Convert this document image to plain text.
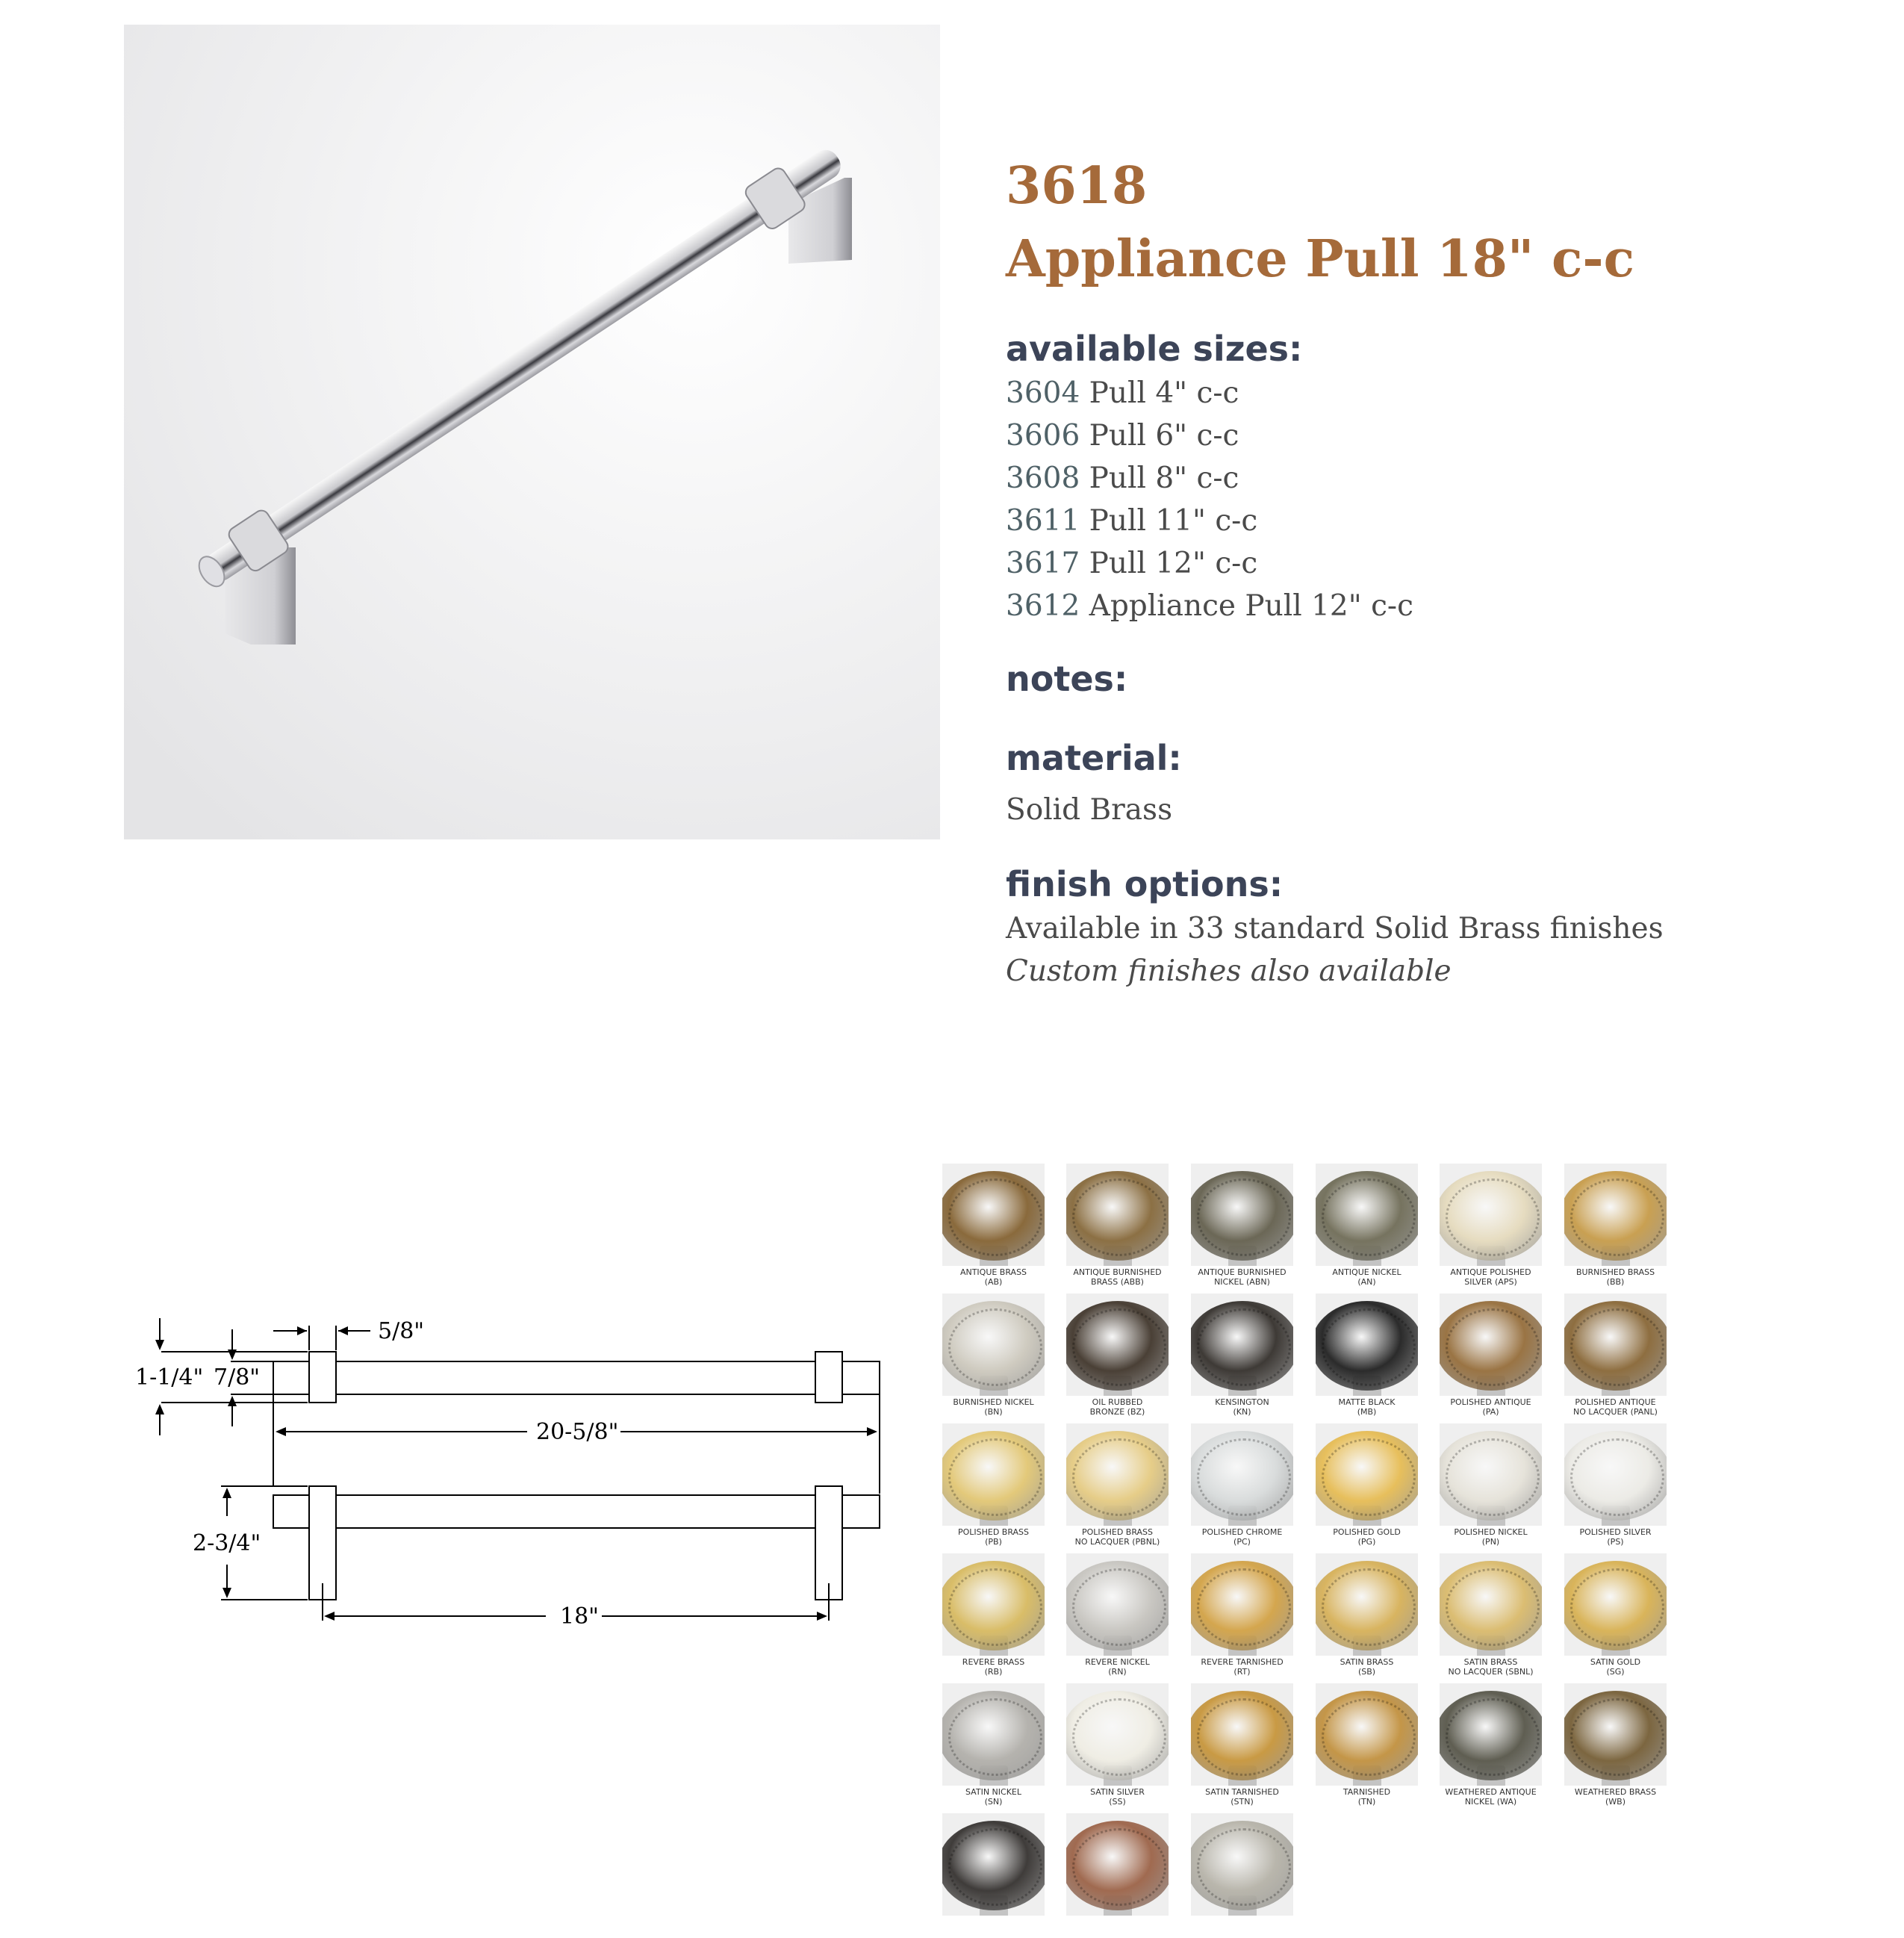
3618

Appliance Pull 18" c-c

available sizes:

3604 Pull 4" c-c
3606 Pull 6" c-c
3608 Pull 8" c-c
3611 Pull 11" c-c
3617 Pull 12" c-c
3612 Appliance Pull 12" c-c

notes:

material:

Solid Brass

finish options:

Available in 33 standard Solid Brass finishes
Custom finishes also available
5/8"
1-1/4" 7/8"
20-5/8"
2-3/4"
18"
ANTIQUE BRASS
(AB)
ANTIQUE BURNISHED
BRASS (ABB)
ANTIQUE BURNISHED
NICKEL (ABN)
ANTIQUE NICKEL
(AN)
ANTIQUE POLISHED
SILVER (APS)
BURNISHED BRASS
(BB)
BURNISHED NICKEL
(BN)
OIL RUBBED
BRONZE (BZ)
KENSINGTON
(KN)
MATTE BLACK
(MB)
POLISHED ANTIQUE
(PA)
POLISHED ANTIQUE
NO LACQUER (PANL)
POLISHED BRASS
(PB)
POLISHED BRASS
NO LACQUER (PBNL)
POLISHED CHROME
(PC)
POLISHED GOLD
(PG)
POLISHED NICKEL
(PN)
POLISHED SILVER
(PS)
REVERE BRASS
(RB)
REVERE NICKEL
(RN)
REVERE TARNISHED
(RT)
SATIN BRASS
(SB)
SATIN BRASS
NO LACQUER (SBNL)
SATIN GOLD
(SG)
SATIN NICKEL
(SN)
SATIN SILVER
(SS)
SATIN TARNISHED
(STN)
TARNISHED
(TN)
WEATHERED ANTIQUE
NICKEL (WA)
WEATHERED BRASS
(WB)
